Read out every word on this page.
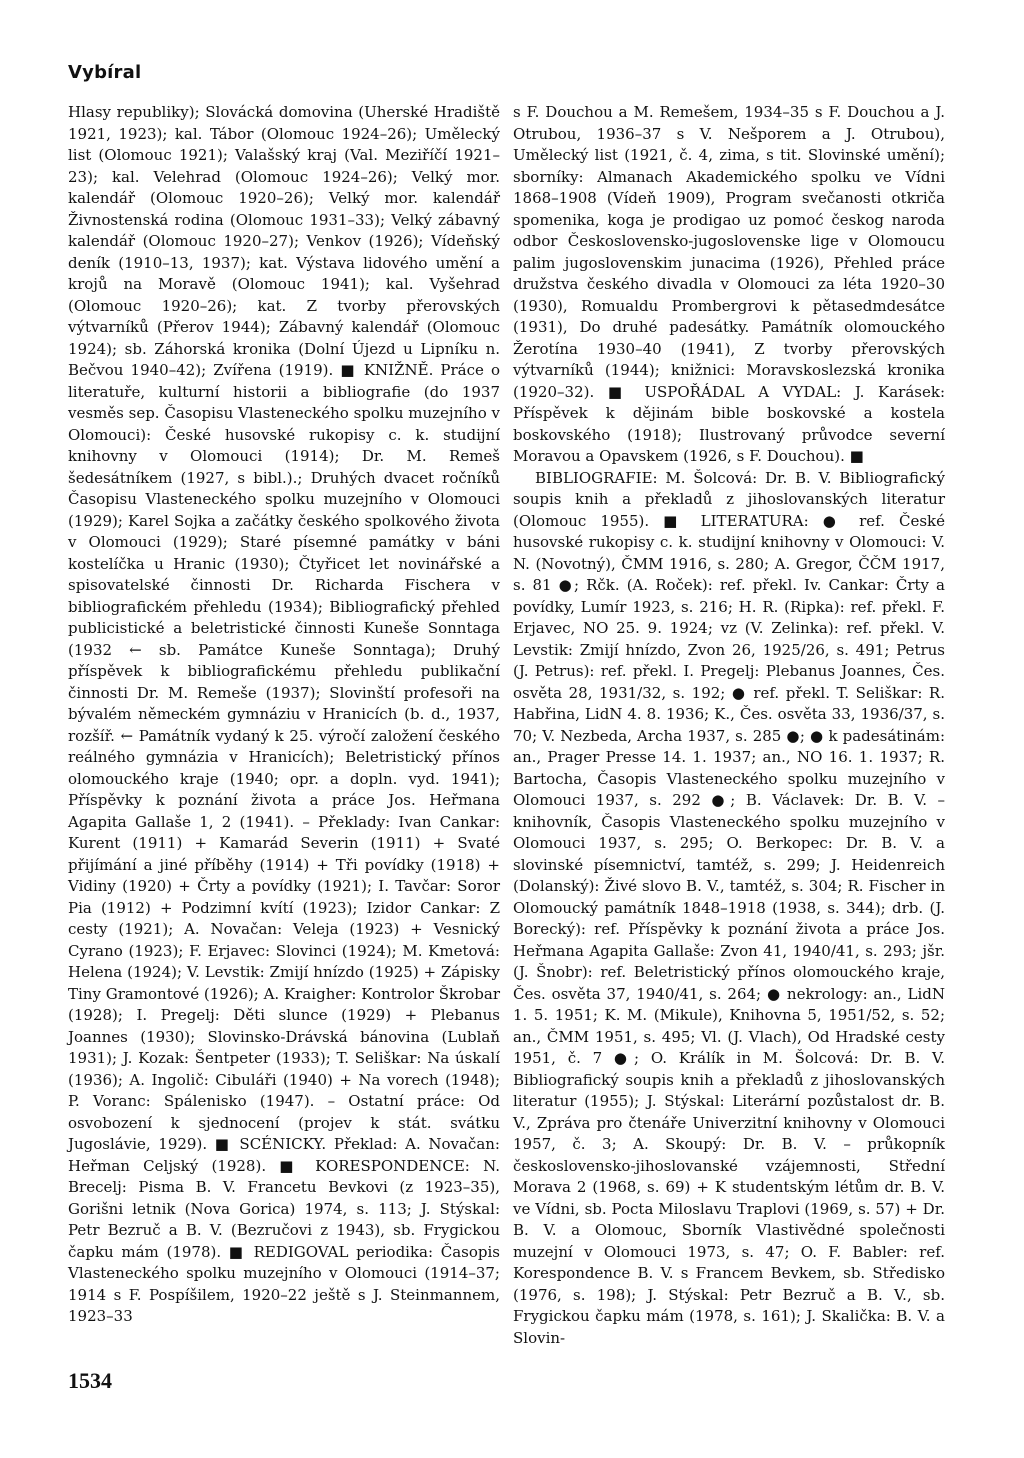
Vybíral

Hlasy republiky); Slovácká domovina (Uherské Hradiště 1921, 1923); kal. Tábor (Olomouc 1924–26); Umělecký list (Olomouc 1921); Valašský kraj (Val. Meziříčí 1921–23); kal. Velehrad (Olomouc 1924–26); Velký mor. kalendář (Olomouc 1920–26); Velký mor. kalendář Živnostenská rodina (Olomouc 1931–33); Velký zábavný kalendář (Olomouc 1920–27); Venkov (1926); Vídeňský deník (1910–13, 1937); kat. Výstava lidového umění a krojů na Moravě (Olomouc 1941); kal. Vyšehrad (Olomouc 1920–26); kat. Z tvorby přerovských výtvarníků (Přerov 1944); Zábavný kalendář (Olomouc 1924); sb. Záhorská kronika (Dolní Újezd u Lipníku n. Bečvou 1940–42); Zvířena (1919). ■ KNIŽNĚ. Práce o literatuře, kulturní historii a bibliografie (do 1937 vesměs sep. Časopisu Vlasteneckého spolku muzejního v Olomouci): České husovské rukopisy c. k. studijní knihovny v Olomouci (1914); Dr. M. Remeš šedesátníkem (1927, s bibl.).; Druhých dvacet ročníků Časopisu Vlasteneckého spolku muzejního v Olomouci (1929); Karel Sojka a začátky českého spolkového života v Olomouci (1929); Staré písemné památky v báni kostelíčka u Hranic (1930); Čtyřicet let novinářské a spisovatelské činnosti Dr. Richarda Fischera v bibliografickém přehledu (1934); Bibliografický přehled publicistické a beletristické činnosti Kuneše Sonntaga (1932 ← sb. Památce Kuneše Sonntaga); Druhý příspěvek k bibliografickému přehledu publikační činnosti Dr. M. Remeše (1937); Slovinští profesoři na bývalém německém gymnáziu v Hranicích (b. d., 1937, rozšíř. ← Památník vydaný k 25. výročí založení českého reálného gymnázia v Hranicích); Beletristický přínos olomouckého kraje (1940; opr. a dopln. vyd. 1941); Příspěvky k poznání života a práce Jos. Heřmana Agapita Gallaše 1, 2 (1941). – Překlady: Ivan Cankar: Kurent (1911) + Kamarád Severin (1911) + Svaté přijímání a jiné příběhy (1914) + Tři povídky (1918) + Vidiny (1920) + Črty a povídky (1921); I. Tavčar: Soror Pia (1912) + Podzimní kvítí (1923); Izidor Cankar: Z cesty (1921); A. Novačan: Veleja (1923) + Vesnický Cyrano (1923); F. Erjavec: Slovinci (1924); M. Kmetová: Helena (1924); V. Levstik: Zmijí hnízdo (1925) + Zápisky Tiny Gramontové (1926); A. Kraigher: Kontrolor Škrobar (1928); I. Pregelj: Děti slunce (1929) + Plebanus Joannes (1930); Slovinsko-Drávská bánovina (Lublaň 1931); J. Kozak: Šentpeter (1933); T. Seliškar: Na úskalí (1936); A. Ingolič: Cibuláři (1940) + Na vorech (1948); P. Voranc: Spálenisko (1947). – Ostatní práce: Od osvobození k sjednocení (projev k stát. svátku Jugoslávie, 1929). ■ SCÉNICKY. Překlad: A. Novačan: Heřman Celjský (1928). ■ KORESPONDENCE: N. Brecelj: Pisma B. V. Francetu Bevkovi (z 1923–35), Gorišni letnik (Nova Gorica) 1974, s. 113; J. Stýskal: Petr Bezruč a B. V. (Bezručovi z 1943), sb. Frygickou čapku mám (1978). ■ REDIGOVAL periodika: Časopis Vlasteneckého spolku muzejního v Olomouci (1914–37; 1914 s F. Pospíšilem, 1920–22 ještě s J. Steinmannem, 1923–33

s F. Douchou a M. Remešem, 1934–35 s F. Douchou a J. Otrubou, 1936–37 s V. Nešporem a J. Otrubou), Umělecký list (1921, č. 4, zima, s tit. Slovinské umění); sborníky: Almanach Akademického spolku ve Vídni 1868–1908 (Vídeň 1909), Program svečanosti otkriča spomenika, koga je prodigao uz pomoć českog naroda odbor Československo-jugoslovenske lige v Olomoucu palim jugoslovenskim junacima (1926), Přehled práce družstva českého divadla v Olomouci za léta 1920–30 (1930), Romualdu Prombergrovi k pětasedmdesátce (1931), Do druhé padesátky. Památník olomouckého Žerotína 1930–40 (1941), Z tvorby přerovských výtvarníků (1944); knižnici: Moravskoslezská kronika (1920–32). ■ USPOŘÁDAL A VYDAL: J. Karásek: Příspěvek k dějinám bible boskovské a kostela boskovského (1918); Ilustrovaný průvodce severní Moravou a Opavskem (1926, s F. Douchou). ■

BIBLIOGRAFIE: M. Šolcová: Dr. B. V. Bibliografický soupis knih a překladů z jihoslovanských literatur (Olomouc 1955). ■ LITERATURA: ● ref. České husovské rukopisy c. k. studijní knihovny v Olomouci: V. N. (Novotný), ČMM 1916, s. 280; A. Gregor, ČČM 1917, s. 81 ●; Rčk. (A. Roček): ref. překl. Iv. Cankar: Črty a povídky, Lumír 1923, s. 216; H. R. (Ripka): ref. překl. F. Erjavec, NO 25. 9. 1924; vz (V. Zelinka): ref. překl. V. Levstik: Zmijí hnízdo, Zvon 26, 1925/26, s. 491; Petrus (J. Petrus): ref. překl. I. Pregelj: Plebanus Joannes, Čes. osvěta 28, 1931/32, s. 192; ● ref. překl. T. Seliškar: R. Habřina, LidN 4. 8. 1936; K., Čes. osvěta 33, 1936/37, s. 70; V. Nezbeda, Archa 1937, s. 285 ●; ● k padesátinám: an., Prager Presse 14. 1. 1937; an., NO 16. 1. 1937; R. Bartocha, Časopis Vlasteneckého spolku muzejního v Olomouci 1937, s. 292 ●; B. Václavek: Dr. B. V. – knihovník, Časopis Vlasteneckého spolku muzejního v Olomouci 1937, s. 295; O. Berkopec: Dr. B. V. a slovinské písemnictví, tamtéž, s. 299; J. Heidenreich (Dolanský): Živé slovo B. V., tamtéž, s. 304; R. Fischer in Olomoucký památník 1848–1918 (1938, s. 344); drb. (J. Borecký): ref. Příspěvky k poznání života a práce Jos. Heřmana Agapita Gallaše: Zvon 41, 1940/41, s. 293; jšr. (J. Šnobr): ref. Beletristický přínos olomouckého kraje, Čes. osvěta 37, 1940/41, s. 264; ● nekrology: an., LidN 1. 5. 1951; K. M. (Mikule), Knihovna 5, 1951/52, s. 52; an., ČMM 1951, s. 495; Vl. (J. Vlach), Od Hradské cesty 1951, č. 7 ●; O. Králík in M. Šolcová: Dr. B. V. Bibliografický soupis knih a překladů z jihoslovanských literatur (1955); J. Stýskal: Literární pozůstalost dr. B. V., Zpráva pro čtenáře Univerzitní knihovny v Olomouci 1957, č. 3; A. Skoupý: Dr. B. V. – průkopník československo-jihoslovanské vzájemnosti, Střední Morava 2 (1968, s. 69) + K studentským létům dr. B. V. ve Vídni, sb. Pocta Miloslavu Traplovi (1969, s. 57) + Dr. B. V. a Olomouc, Sborník Vlastivědné společnosti muzejní v Olomouci 1973, s. 47; O. F. Babler: ref. Korespondence B. V. s Francem Bevkem, sb. Středisko (1976, s. 198); J. Stýskal: Petr Bezruč a B. V., sb. Frygickou čapku mám (1978, s. 161); J. Skalička: B. V. a Slovin-

1534
